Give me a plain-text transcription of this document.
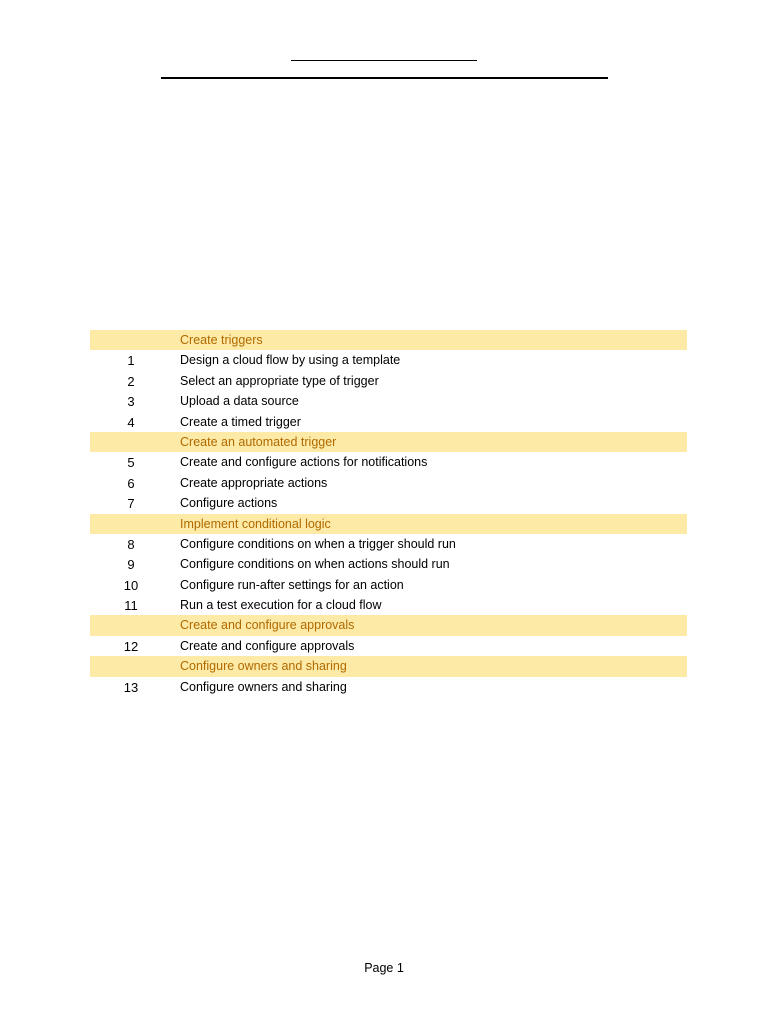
Create triggers
1	Design a cloud flow by using a template
2	Select an appropriate type of trigger
3	Upload a data source
4	Create a timed trigger
Create an automated trigger
5	Create and configure actions for notifications
6	Create appropriate actions
7	Configure actions
Implement conditional logic
8	Configure conditions on when a trigger should run
9	Configure conditions on when actions should run
10	Configure run-after settings for an action
11	Run a test execution for a cloud flow
Create and configure approvals
12	Create and configure approvals
Configure owners and sharing
13	Configure owners and sharing
Page 1
